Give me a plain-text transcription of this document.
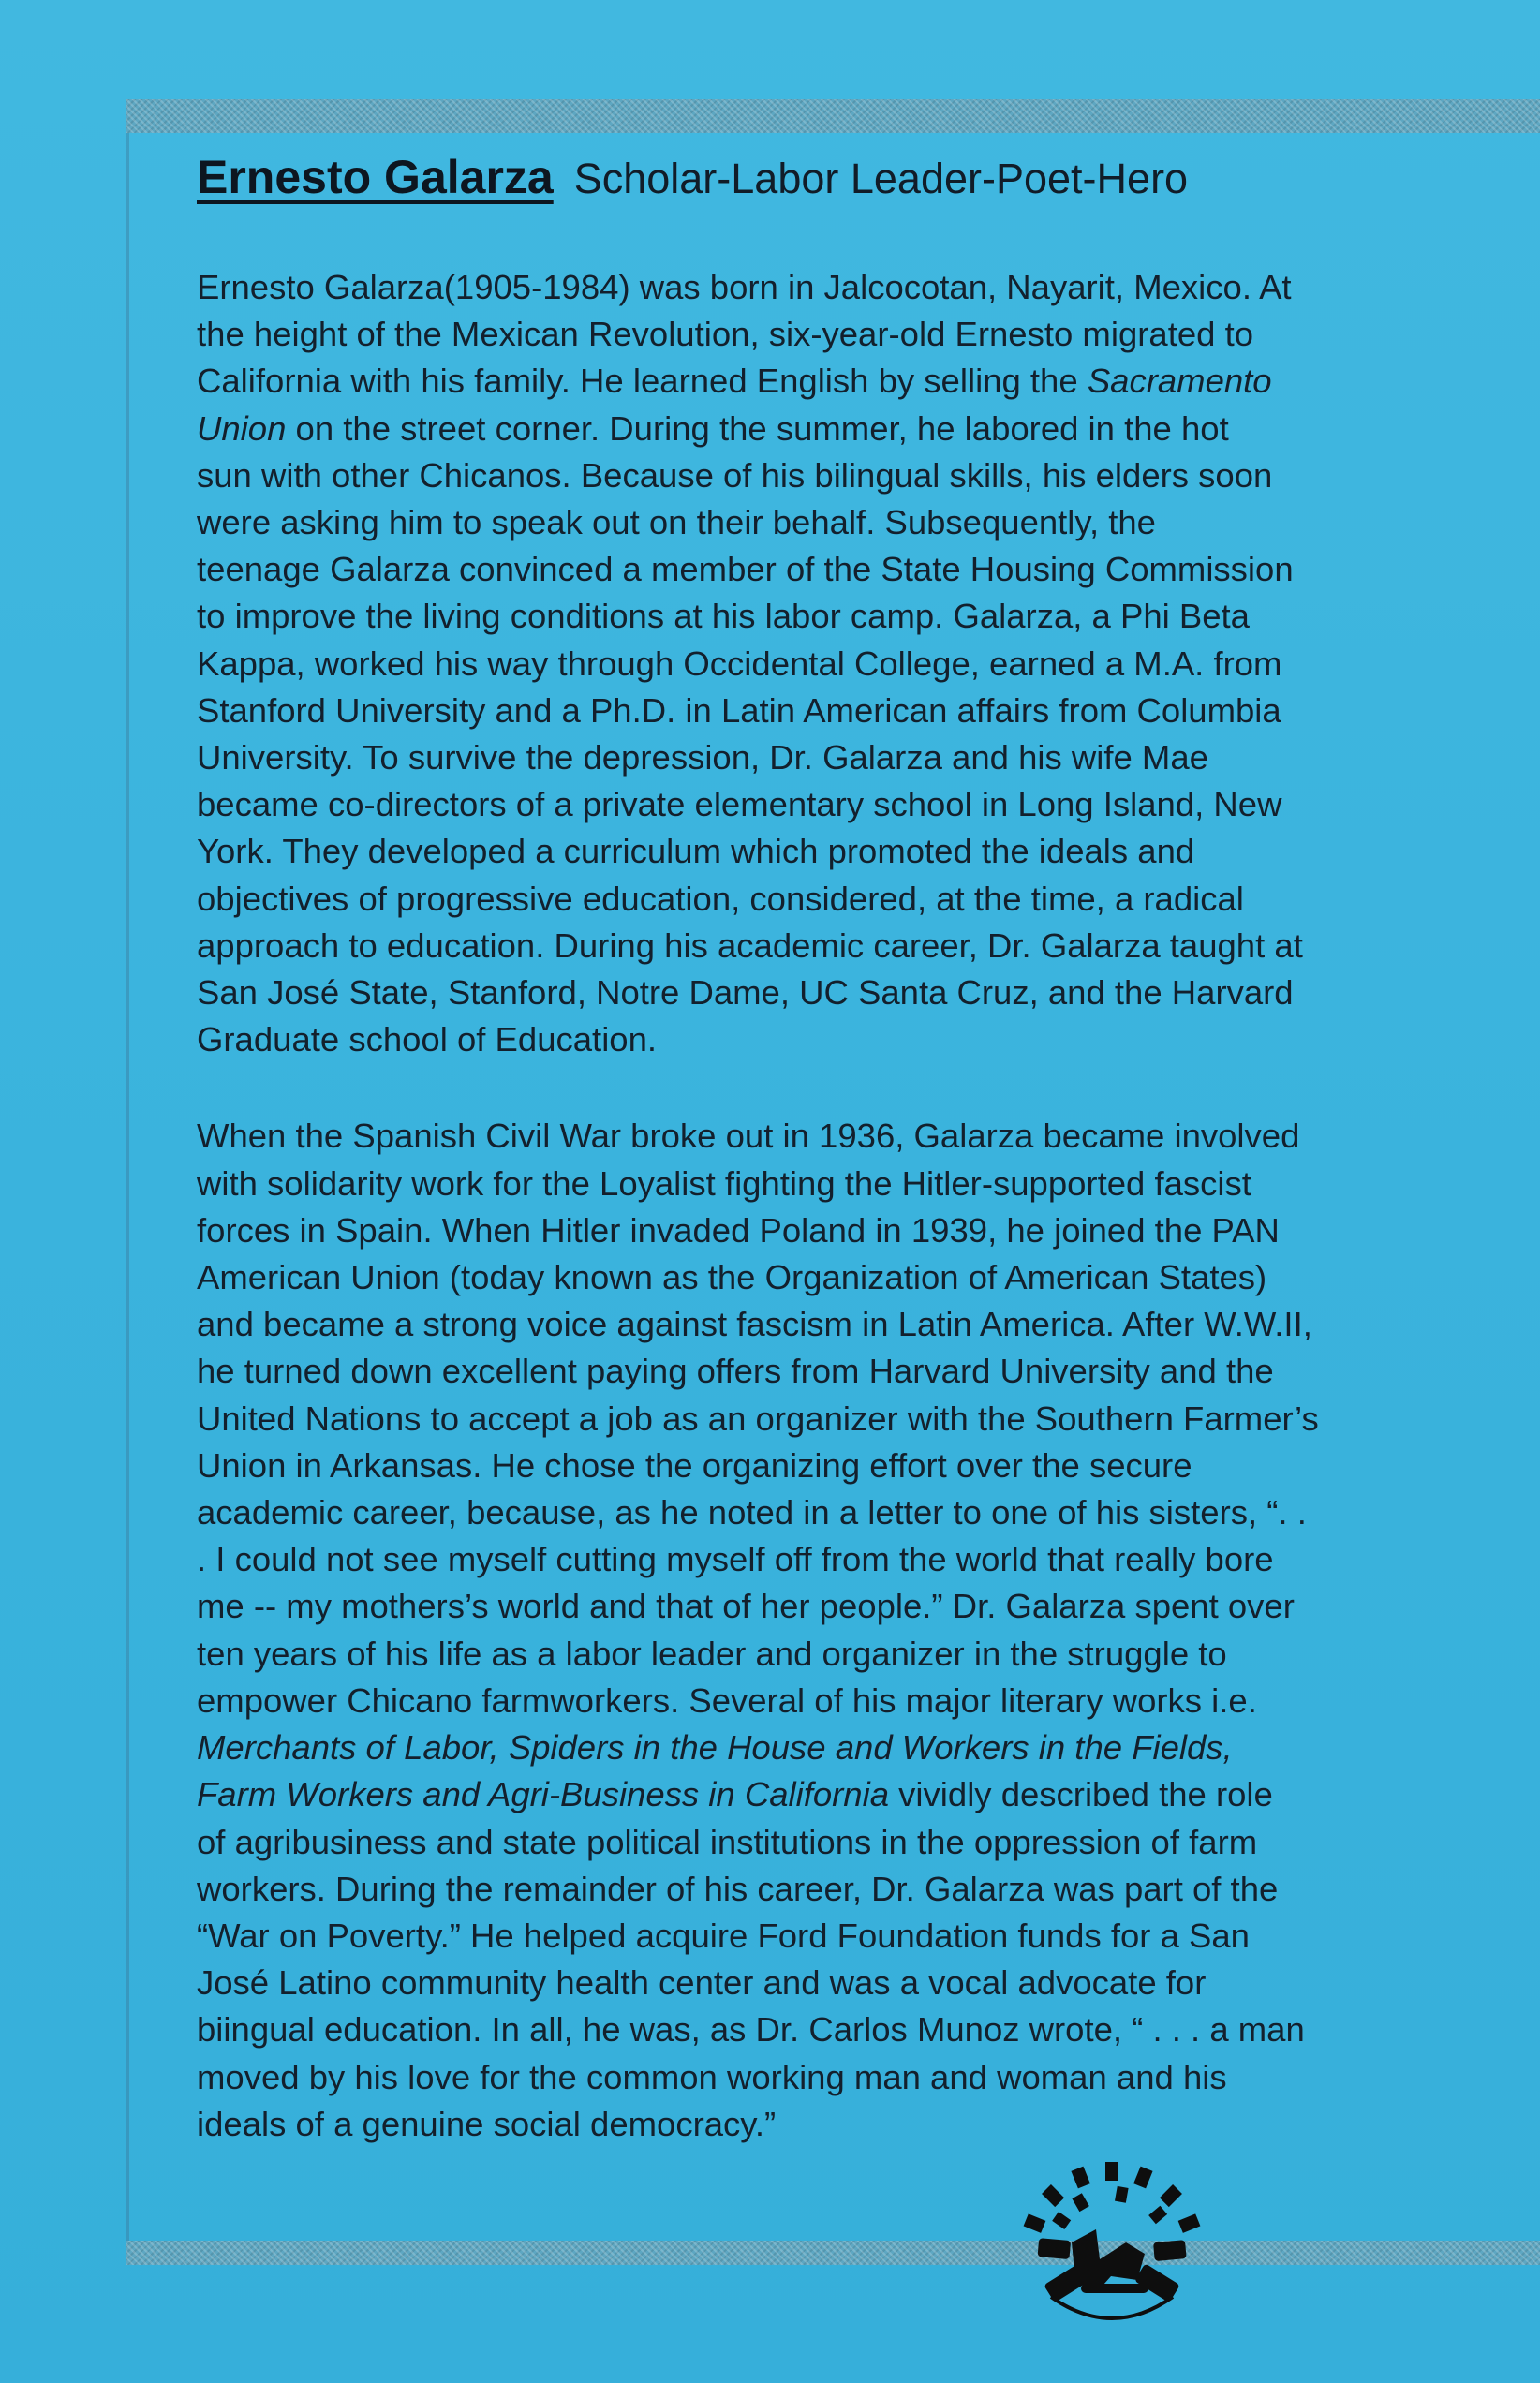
Ernesto Galarza Scholar-Labor Leader-Poet-Hero
Ernesto Galarza(1905-1984) was born in Jalcocotan, Nayarit, Mexico. At
the height of the Mexican Revolution, six-year-old Ernesto migrated to
California with his family. He learned English by selling the Sacramento
Union on the street corner. During the summer, he labored in the hot
sun with other Chicanos. Because of his bilingual skills, his elders soon
were asking him to speak out on their behalf. Subsequently, the
teenage Galarza convinced a member of the State Housing Commission
to improve the living conditions at his labor camp. Galarza, a Phi Beta
Kappa, worked his way through Occidental College, earned a M.A. from
Stanford University and a Ph.D. in Latin American affairs from Columbia
University. To survive the depression, Dr. Galarza and his wife Mae
became co-directors of a private elementary school in Long Island, New
York. They developed a curriculum which promoted the ideals and
objectives of progressive education, considered, at the time, a radical
approach to education. During his academic career, Dr. Galarza taught at
San José State, Stanford, Notre Dame, UC Santa Cruz, and the Harvard
Graduate school of Education.
When the Spanish Civil War broke out in 1936, Galarza became involved
with solidarity work for the Loyalist fighting the Hitler-supported fascist
forces in Spain. When Hitler invaded Poland in 1939, he joined the PAN
American Union (today known as the Organization of American States)
and became a strong voice against fascism in Latin America. After W.W.II,
he turned down excellent paying offers from Harvard University and the
United Nations to accept a job as an organizer with the Southern Farmer’s
Union in Arkansas. He chose the organizing effort over the secure
academic career, because, as he noted in a letter to one of his sisters, “. .
. I could not see myself cutting myself off from the world that really bore
me -- my mothers’s world and that of her people.” Dr. Galarza spent over
ten years of his life as a labor leader and organizer in the struggle to
empower Chicano farmworkers. Several of his major literary works i.e.
Merchants of Labor, Spiders in the House and Workers in the Fields,
Farm Workers and Agri-Business in California vividly described the role
of agribusiness and state political institutions in the oppression of farm
workers. During the remainder of his career, Dr. Galarza was part of the
“War on Poverty.” He helped acquire Ford Foundation funds for a San
José Latino community health center and was a vocal advocate for
biingual education. In all, he was, as Dr. Carlos Munoz wrote, “ . . . a man
moved by his love for the common working man and woman and his
ideals of a genuine social democracy.”
